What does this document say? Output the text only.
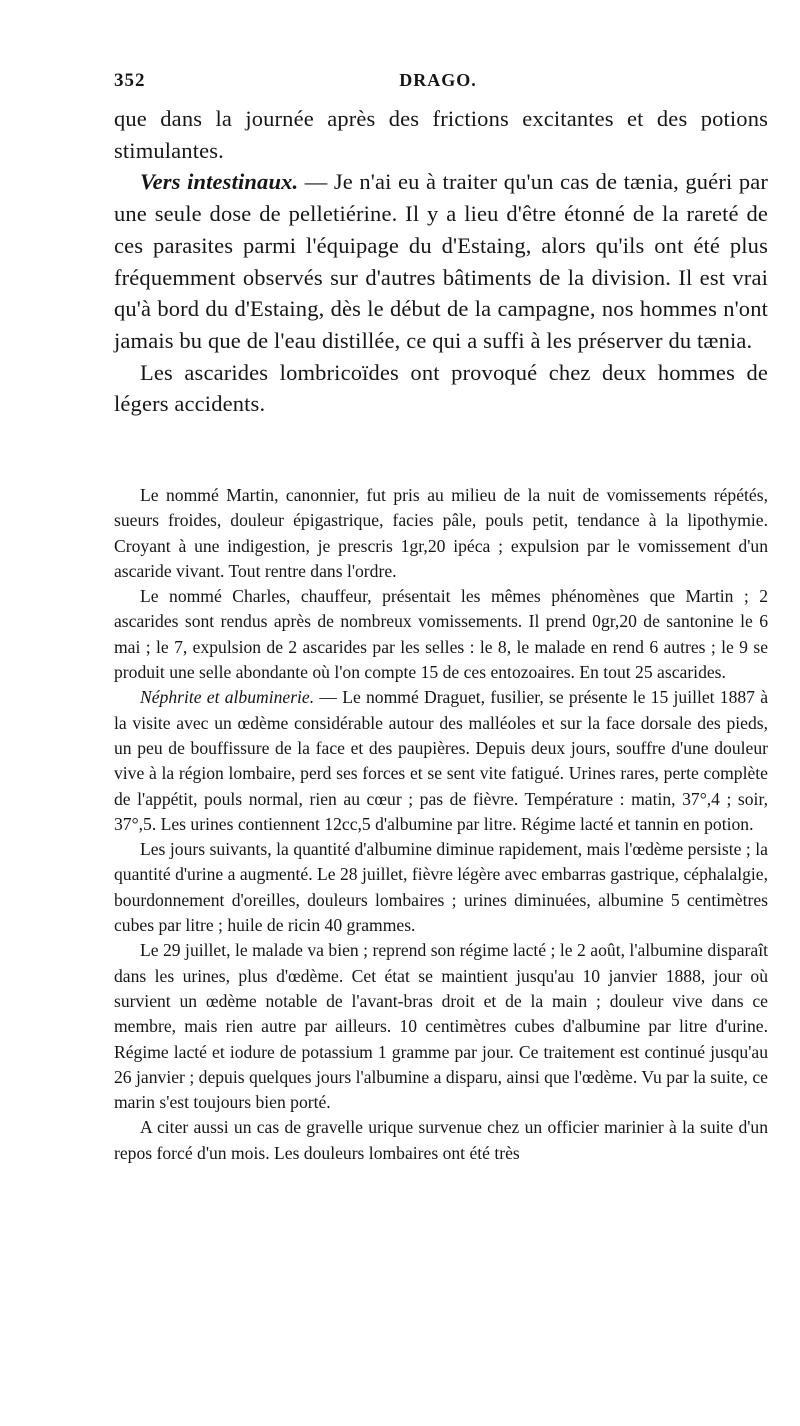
352	DRAGO.

que dans la journée après des frictions excitantes et des potions stimulantes.

Vers intestinaux. — Je n'ai eu à traiter qu'un cas de tænia, guéri par une seule dose de pelletiérine. Il y a lieu d'être étonné de la rareté de ces parasites parmi l'équipage du d'Estaing, alors qu'ils ont été plus fréquemment observés sur d'autres bâtiments de la division. Il est vrai qu'à bord du d'Estaing, dès le début de la campagne, nos hommes n'ont jamais bu que de l'eau distillée, ce qui a suffi à les préserver du tænia.

Les ascarides lombricoïdes ont provoqué chez deux hommes de légers accidents.

Le nommé Martin, canonnier, fut pris au milieu de la nuit de vomissements répétés, sueurs froides, douleur épigastrique, facies pâle, pouls petit, tendance à la lipothymie. Croyant à une indigestion, je prescris 1gr,20 ipéca ; expulsion par le vomissement d'un ascaride vivant. Tout rentre dans l'ordre.

Le nommé Charles, chauffeur, présentait les mêmes phénomènes que Martin ; 2 ascarides sont rendus après de nombreux vomissements. Il prend 0gr,20 de santonine le 6 mai ; le 7, expulsion de 2 ascarides par les selles : le 8, le malade en rend 6 autres ; le 9 se produit une selle abondante où l'on compte 15 de ces entozoaires. En tout 25 ascarides.

Néphrite et albuminerie. — Le nommé Draguet, fusilier, se présente le 15 juillet 1887 à la visite avec un œdème considérable autour des malléoles et sur la face dorsale des pieds, un peu de bouffissure de la face et des paupières. Depuis deux jours, souffre d'une douleur vive à la région lombaire, perd ses forces et se sent vite fatigué. Urines rares, perte complète de l'appétit, pouls normal, rien au cœur ; pas de fièvre. Température : matin, 37°,4 ; soir, 37°,5. Les urines contiennent 12cc,5 d'albumine par litre. Régime lacté et tannin en potion.

Les jours suivants, la quantité d'albumine diminue rapidement, mais l'œdème persiste ; la quantité d'urine a augmenté. Le 28 juillet, fièvre légère avec embarras gastrique, céphalalgie, bourdonnement d'oreilles, douleurs lombaires ; urines diminuées, albumine 5 centimètres cubes par litre ; huile de ricin 40 grammes.

Le 29 juillet, le malade va bien ; reprend son régime lacté ; le 2 août, l'albumine disparaît dans les urines, plus d'œdème. Cet état se maintient jusqu'au 10 janvier 1888, jour où survient un œdème notable de l'avant-bras droit et de la main ; douleur vive dans ce membre, mais rien autre par ailleurs. 10 centimètres cubes d'albumine par litre d'urine. Régime lacté et iodure de potassium 1 gramme par jour. Ce traitement est continué jusqu'au 26 janvier ; depuis quelques jours l'albumine a disparu, ainsi que l'œdème. Vu par la suite, ce marin s'est toujours bien porté.

A citer aussi un cas de gravelle urique survenue chez un officier marinier à la suite d'un repos forcé d'un mois. Les douleurs lombaires ont été très
